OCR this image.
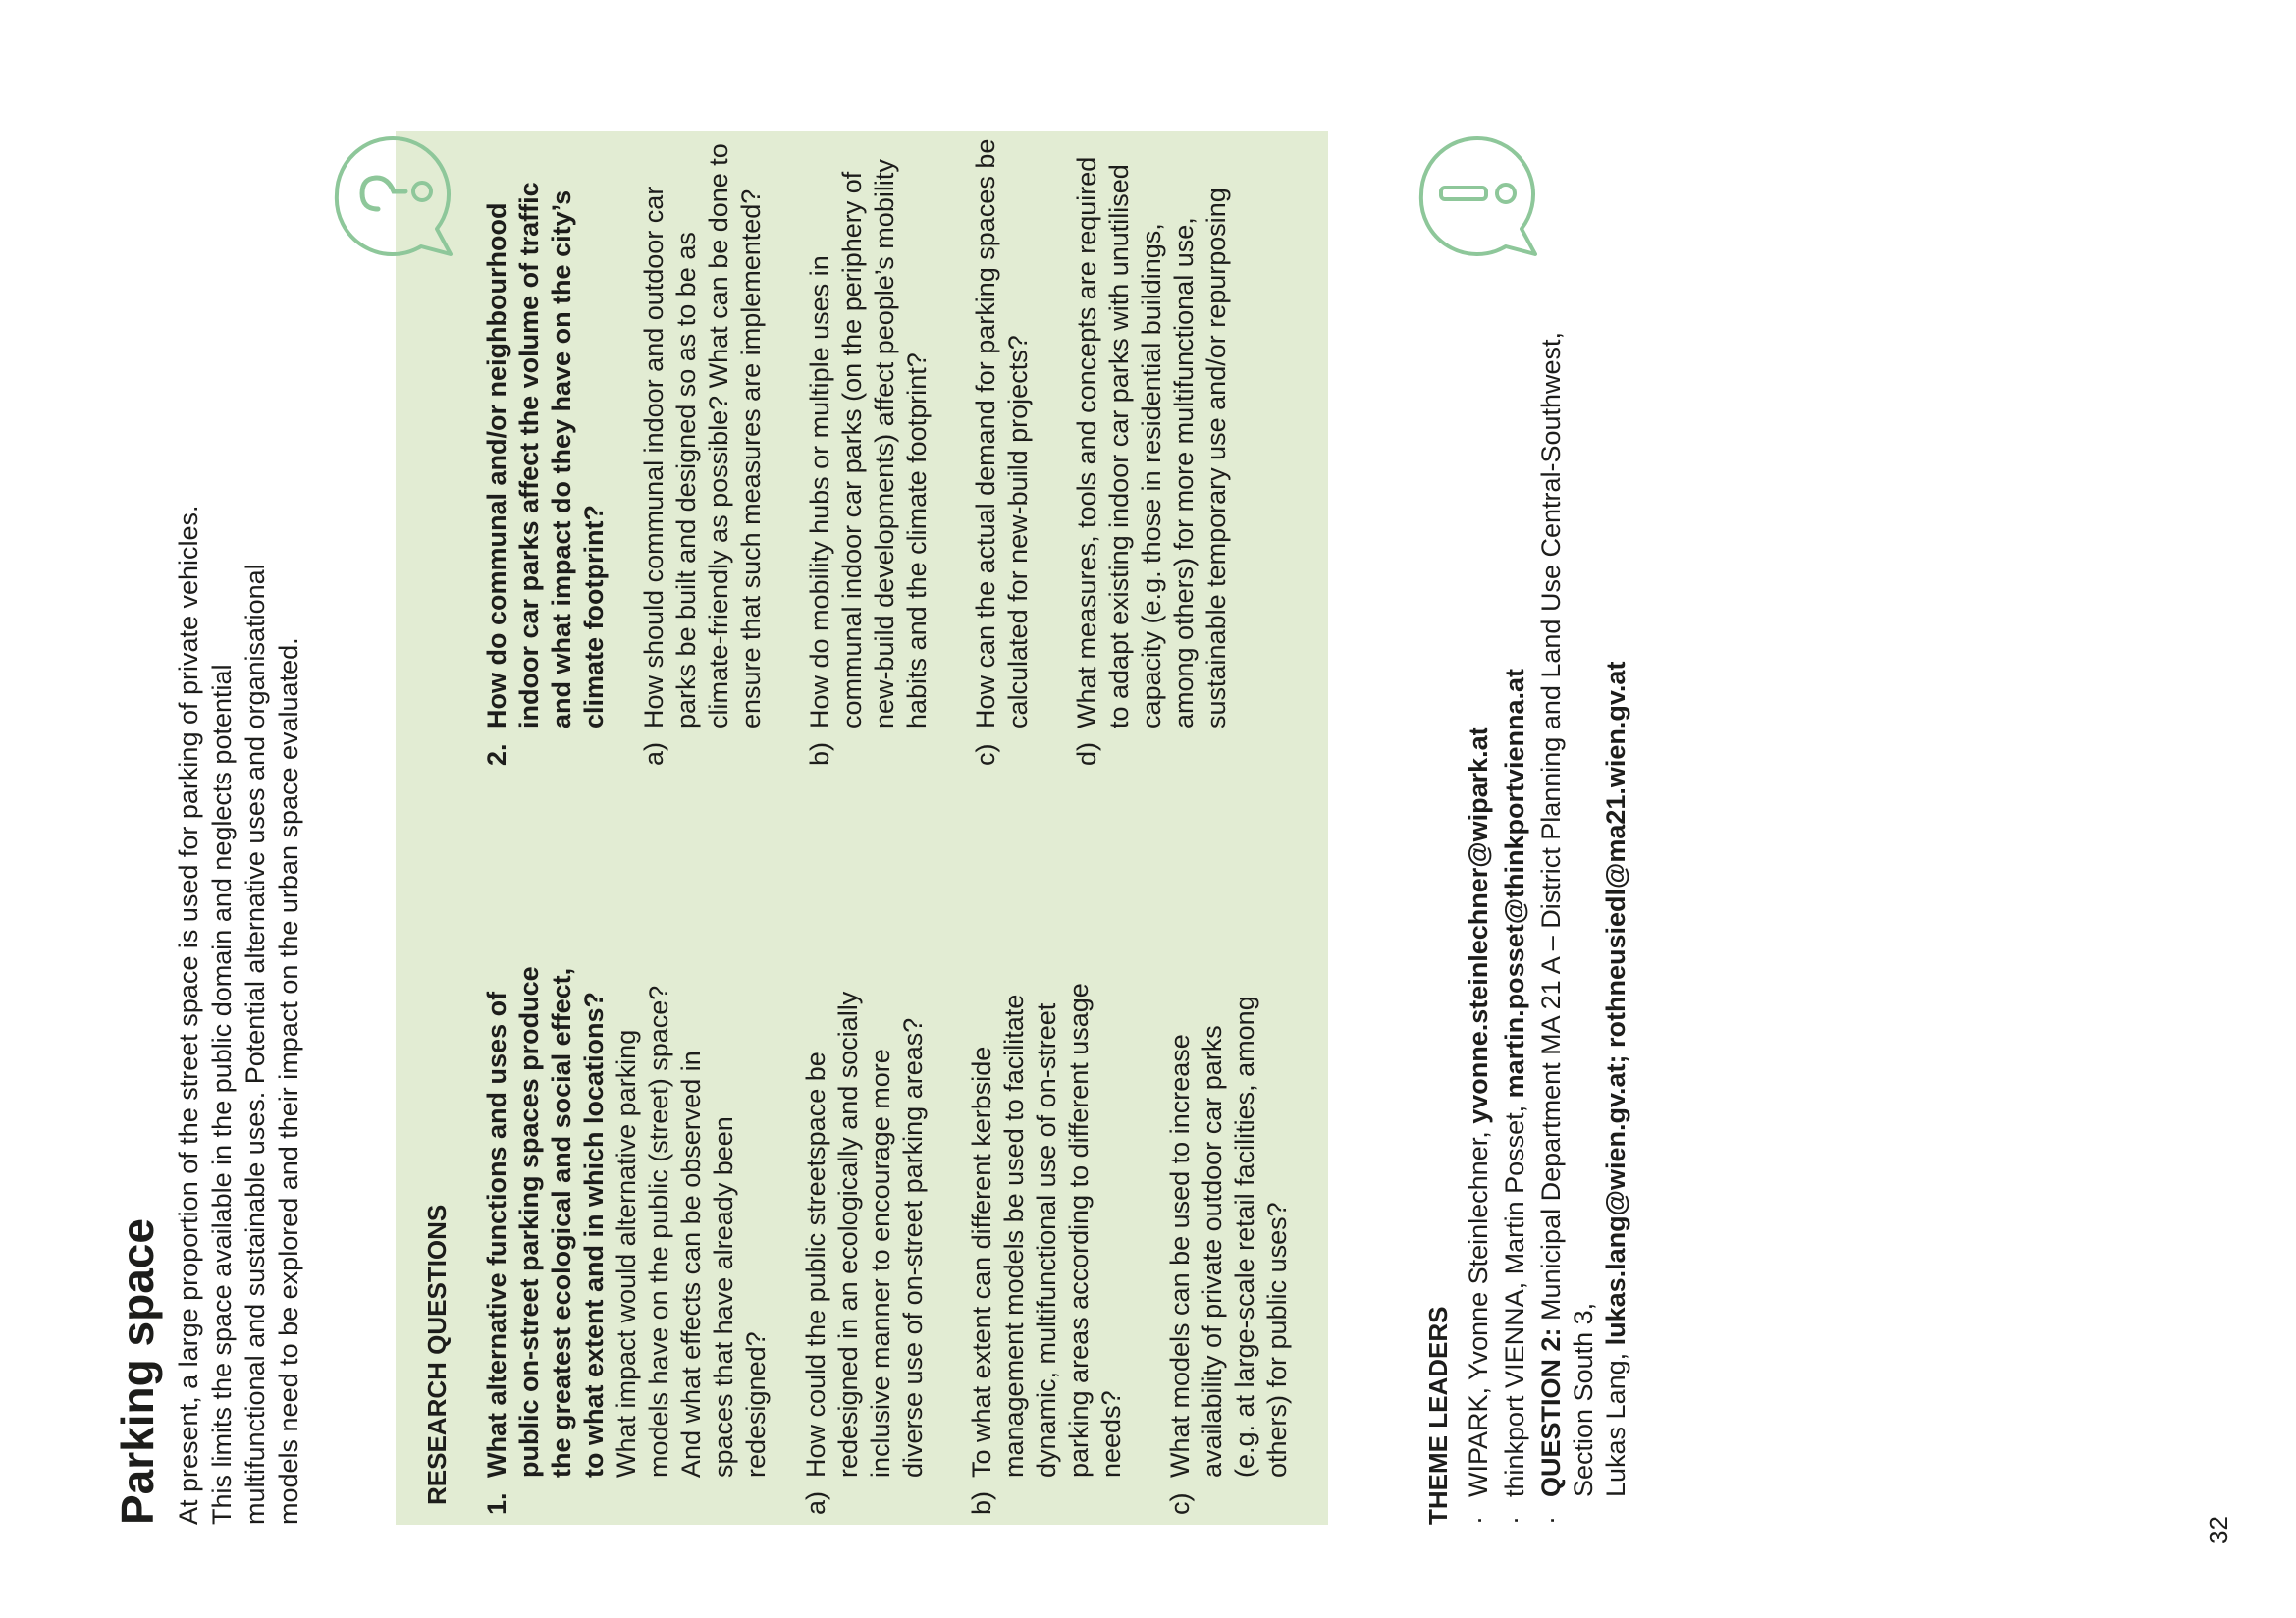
Parking space At present, a large proportion of the street space is used for parking of private vehicles. This limits the space available in the public domain and neglects potential multifunctional and sustainable uses. Potential alternative uses and organisational models need to be explored and their impact on the urban space evaluated.	RESEARCH QUESTIONS 1.
What alternative functions and uses of public on-street parking spaces produce the greatest ecological and social effect, to what extent and in which locations? What impact would alternative parking models have on the public (street) space? And what effects can be observed in spaces that have already been redesigned?
a)
How could the public streetspace be redesigned in an ecologically and socially inclusive manner to encourage more diverse use of on-street parking areas?
b)
To what extent can different kerbside management models be used to facilitate dynamic, multifunctional use of on-street parking areas according to different usage needs?
c)
What models can be used to increase availability of private outdoor car parks (e.g. at large-scale retail facilities, among others) for public uses?
2.
How do communal and/or neighbourhood indoor car parks affect the volume of traffic and what impact do they have on the city’s climate footprint?
a)
How should communal indoor and outdoor car parks be built and designed so as to be as climate-friendly as possible? What can be done to ensure that such measures are implemented?
b)
How do mobility hubs or multiple uses in communal indoor car parks (on the periphery of new-build developments) affect people’s mobility habits and the climate footprint?
c)
How can the actual demand for parking spaces be calculated for new-build projects?
d)
What measures, tools and concepts are required to adapt existing indoor car parks with unutilised capacity (e.g. those in residential buildings, among others) for more multifunctional use, sustainable temporary use and/or repurposing
THEME LEADERS ·
WIPARK, Yvonne Steinlechner, yvonne.steinlechner@wipark.at
·
thinkport VIENNA, Martin Posset, martin.posset@thinkportvienna.at
·
QUESTION 2: Municipal Department MA 21 A – District Planning and Land Use Central-Southwest, Section South 3, Lukas Lang, lukas.lang@wien.gv.at; rothneusiedl@ma21.wien.gv.at

32
